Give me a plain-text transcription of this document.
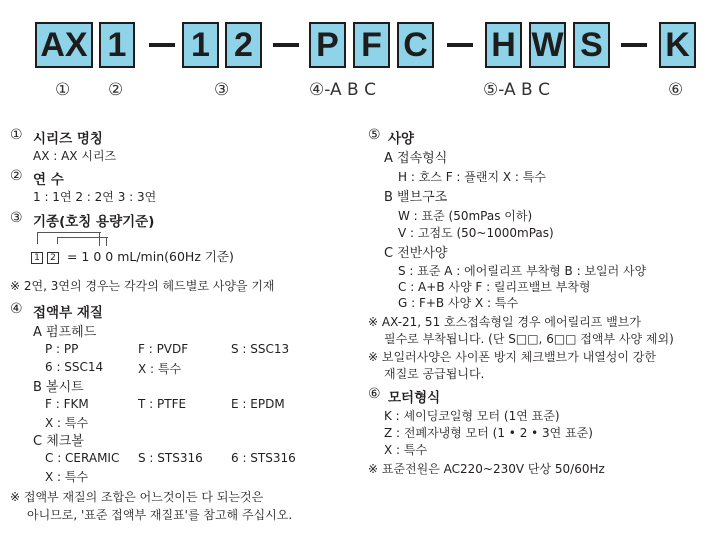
AX 1 1 2 P F C H W S K
① ②	③	④-A B C	⑤-A B C	⑥
① 시리즈 명칭
AX : AX 시리즈
② 연 수
1 : 1연 2 : 2연 3 : 3연
③ 기종(호칭 용량기준)
1 2 = 1 0 0 mL/min(60Hz 기준)
※ 2연, 3연의 경우는 각각의 헤드별로 사양을 기재
④ 접액부 재질
A 펌프헤드
P : PP	F : PVDF	S : SSC13
6 : SSC14	X : 특수
B 볼시트
F : FKM	T : PTFE	E : EPDM
X : 특수
C 체크볼
C : CERAMIC S : STS316 6 : STS316
X : 특수
※ 접액부 재질의 조합은 어느것이든 다 되는것은
아니므로, '표준 접액부 재질표'를 참고해 주십시오.
⑤ 사양
A 접속형식
H : 호스 F : 플랜지 X : 특수
B 밸브구조
W : 표준 (50mPas 이하)
V : 고점도 (50~1000mPas)
C 전반사양
S : 표준 A : 에어릴리프 부착형 B : 보일러 사양
C : A+B 사양 F : 릴리프밸브 부착형
G : F+B 사양 X : 특수
※ AX-21, 51 호스접속형일 경우 에어릴리프 밸브가
필수로 부착됩니다. (단 S□□, 6□□ 접액부 사양 제외)
※ 보일러사양은 사이폰 방지 체크밸브가 내열성이 강한
재질로 공급됩니다.
⑥ 모터형식
K : 셰이딩코일형 모터 (1연 표준)
Z : 전폐자냉형 모터 (1 • 2 • 3연 표준)
X : 특수
※ 표준전원은 AC220~230V 단상 50/60Hz
